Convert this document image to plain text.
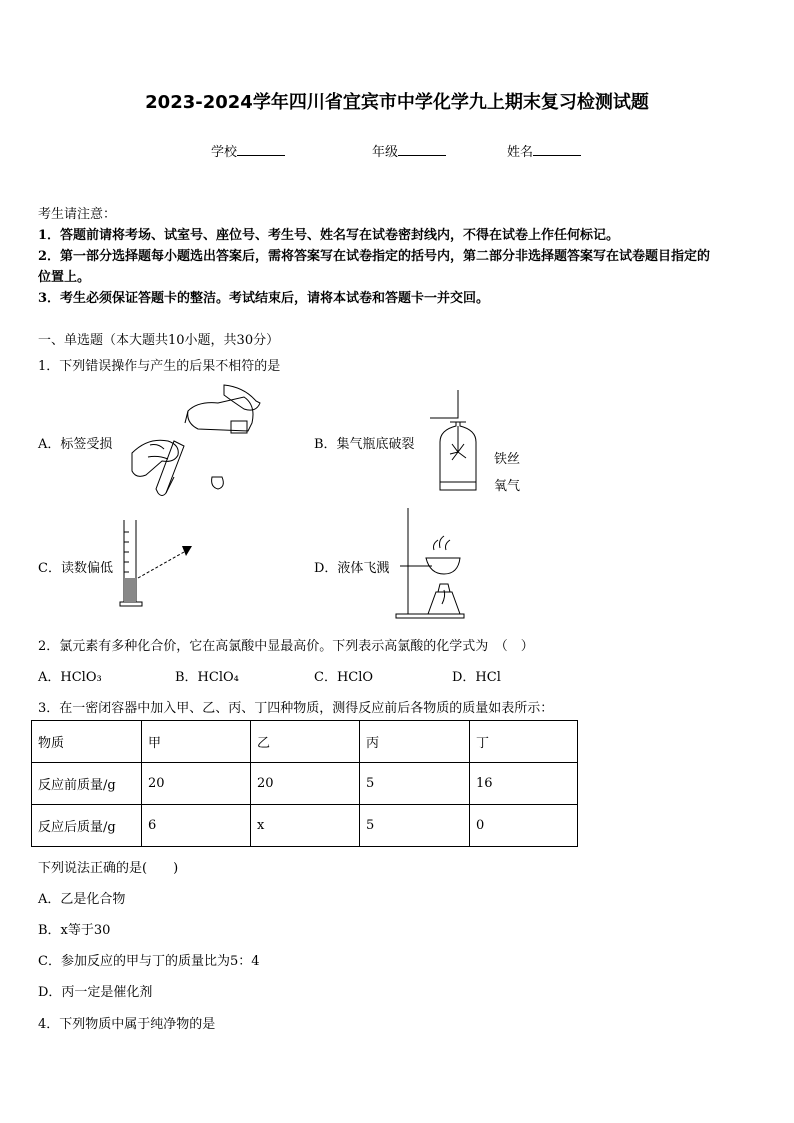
2023-2024学年四川省宜宾市中学化学九上期末复习检测试题
学校	年级	姓名
考生请注意：
1．答题前请将考场、试室号、座位号、考生号、姓名写在试卷密封线内，不得在试卷上作任何标记。
2．第一部分选择题每小题选出答案后，需将答案写在试卷指定的括号内，第二部分非选择题答案写在试卷题目指定的
位置上。
3．考生必须保证答题卡的整洁。考试结束后，请将本试卷和答题卡一并交回。
一、单选题（本大题共10小题，共30分）
1．下列错误操作与产生的后果不相符的是
A．标签受损	B．集气瓶底破裂
铁丝
氧气
C．读数偏低	D．液体飞溅
2．氯元素有多种化合价，它在高氯酸中显最高价。下列表示高氯酸的化学式为　（　）
A．HClO₃	B．HClO₄	C．HClO	D．HCl
3．在一密闭容器中加入甲、乙、丙、丁四种物质，测得反应前后各物质的质量如表所示：
物质	甲	乙	丙	丁
反应前质量/g	20	20	5	16
反应后质量/g	6	x	5	0
下列说法正确的是(　　)
A．乙是化合物
B．x等于30
C．参加反应的甲与丁的质量比为5：4
D．丙一定是催化剂
4．下列物质中属于纯净物的是
